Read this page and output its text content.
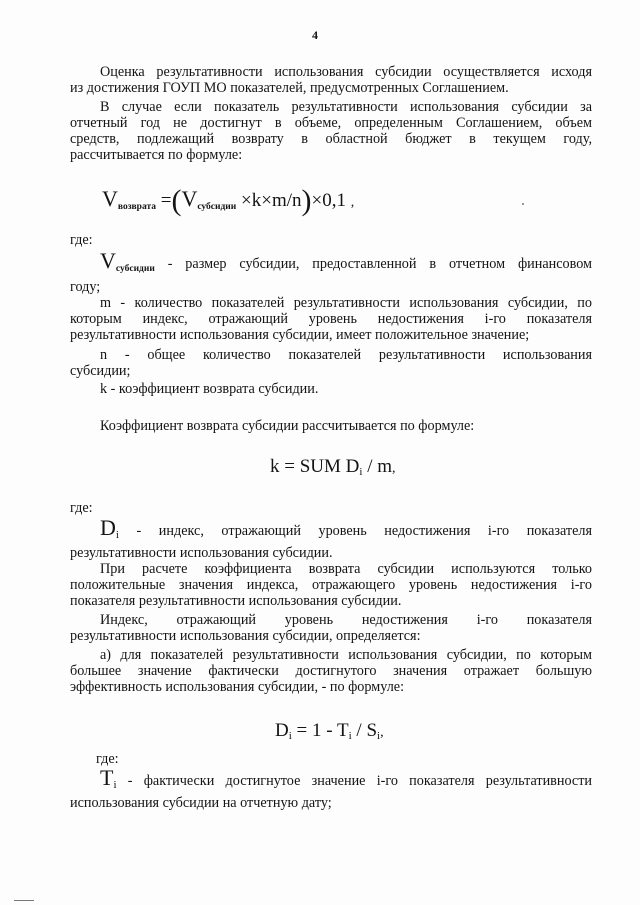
4
Оценка результативности использования субсидии осуществляется исходя
из достижения ГОУП МО показателей, предусмотренных Соглашением.
В случае если показатель результативности использования субсидии за
отчетный год не достигнут в объеме, определенным Соглашением, объем
средств, подлежащий возврату в областной бюджет в текущем году,
рассчитывается по формуле:
$V_{возврата} =(V_{субсидии} \times k\times m/n)\times 0,1$ ,
где:
$V_{субсидии}$ - размер субсидии, предоставленной в отчетном финансовом
году;
m - количество показателей результативности использования субсидии, по
которым индекс, отражающий уровень недостижения i-го показателя
результативности использования субсидии, имеет положительное значение;
n - общее количество показателей результативности использования
субсидии;
k - коэффициент возврата субсидии.
Коэффициент возврата субсидии рассчитывается по формуле:
k = SUM Di / m,
где:
$D_i$ - индекс, отражающий уровень недостижения i-го показателя
результативности использования субсидии.
При расчете коэффициента возврата субсидии используются только
положительные значения индекса, отражающего уровень недостижения i-го
показателя результативности использования субсидии.
Индекс, отражающий уровень недостижения i-го показателя
результативности использования субсидии, определяется:
а) для показателей результативности использования субсидии, по которым
большее значение фактически достигнутого значения отражает большую
эффективность использования субсидии, - по формуле:
Di = 1 - Ti / Si,
где:
$T_i$ - фактически достигнутое значение i-го показателя результативности
использования субсидии на отчетную дату;
